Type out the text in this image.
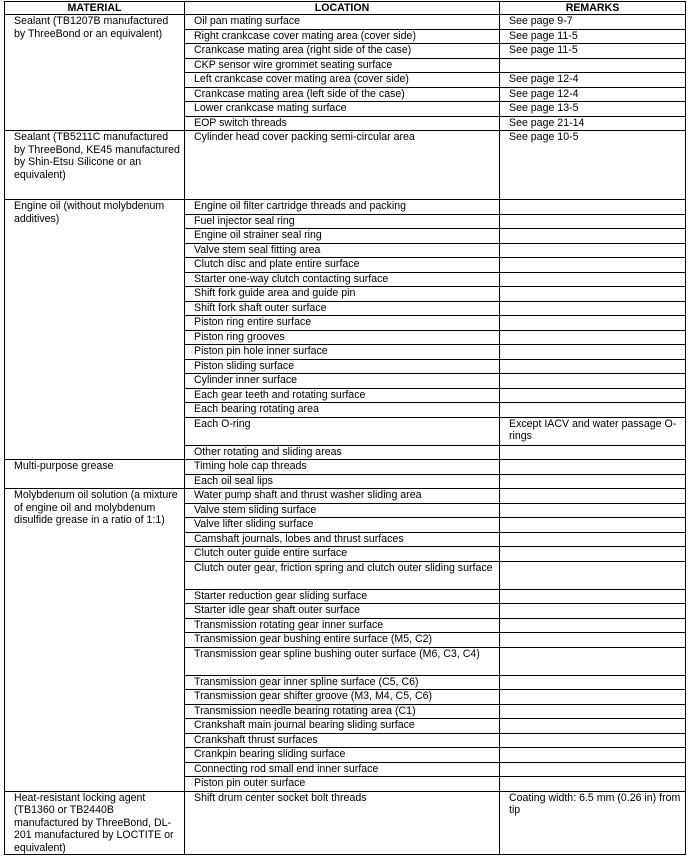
MATERIAL	LOCATION	REMARKS
Sealant (TB1207B manufactured by ThreeBond or an equivalent)	Oil pan mating surface	See page 9-7
	Right crankcase cover mating area (cover side)	See page 11-5
	Crankcase mating area (right side of the case)	See page 11-5
	CKP sensor wire grommet seating surface	
	Left crankcase cover mating area (cover side)	See page 12-4
	Crankcase mating area (left side of the case)	See page 12-4
	Lower crankcase mating surface	See page 13-5
	EOP switch threads	See page 21-14
Sealant (TB5211C manufactured by ThreeBond, KE45 manufactured by Shin-Etsu Silicone or an equivalent)	Cylinder head cover packing semi-circular area	See page 10-5
Engine oil (without molybdenum additives)	Engine oil filter cartridge threads and packing	
	Fuel injector seal ring	
	Engine oil strainer seal ring	
	Valve stem seal fitting area	
	Clutch disc and plate entire surface	
	Starter one-way clutch contacting surface	
	Shift fork guide area and guide pin	
	Shift fork shaft outer surface	
	Piston ring entire surface	
	Piston ring grooves	
	Piston pin hole inner surface	
	Piston sliding surface	
	Cylinder inner surface	
	Each gear teeth and rotating surface	
	Each bearing rotating area	
	Each O-ring	Except IACV and water passage O-rings
	Other rotating and sliding areas	
Multi-purpose grease	Timing hole cap threads	
	Each oil seal lips	
Molybdenum oil solution (a mixture of engine oil and molybdenum disulfide grease in a ratio of 1:1)	Water pump shaft and thrust washer sliding area	
	Valve stem sliding surface	
	Valve lifter sliding surface	
	Camshaft journals, lobes and thrust surfaces	
	Clutch outer guide entire surface	
	Clutch outer gear, friction spring and clutch outer sliding surface	
	Starter reduction gear sliding surface	
	Starter idle gear shaft outer surface	
	Transmission rotating gear inner surface	
	Transmission gear bushing entire surface (M5, C2)	
	Transmission gear spline bushing outer surface (M6, C3, C4)	
	Transmission gear inner spline surface (C5, C6)	
	Transmission gear shifter groove (M3, M4, C5, C6)	
	Transmission needle bearing rotating area (C1)	
	Crankshaft main journal bearing sliding surface	
	Crankshaft thrust surfaces	
	Crankpin bearing sliding surface	
	Connecting rod small end inner surface	
	Piston pin outer surface	
Heat-resistant locking agent (TB1360 or TB2440B manufactured by ThreeBond, DL-201 manufactured by LOCTITE or equivalent)	Shift drum center socket bolt threads	Coating width: 6.5 mm (0.26 in) from tip
